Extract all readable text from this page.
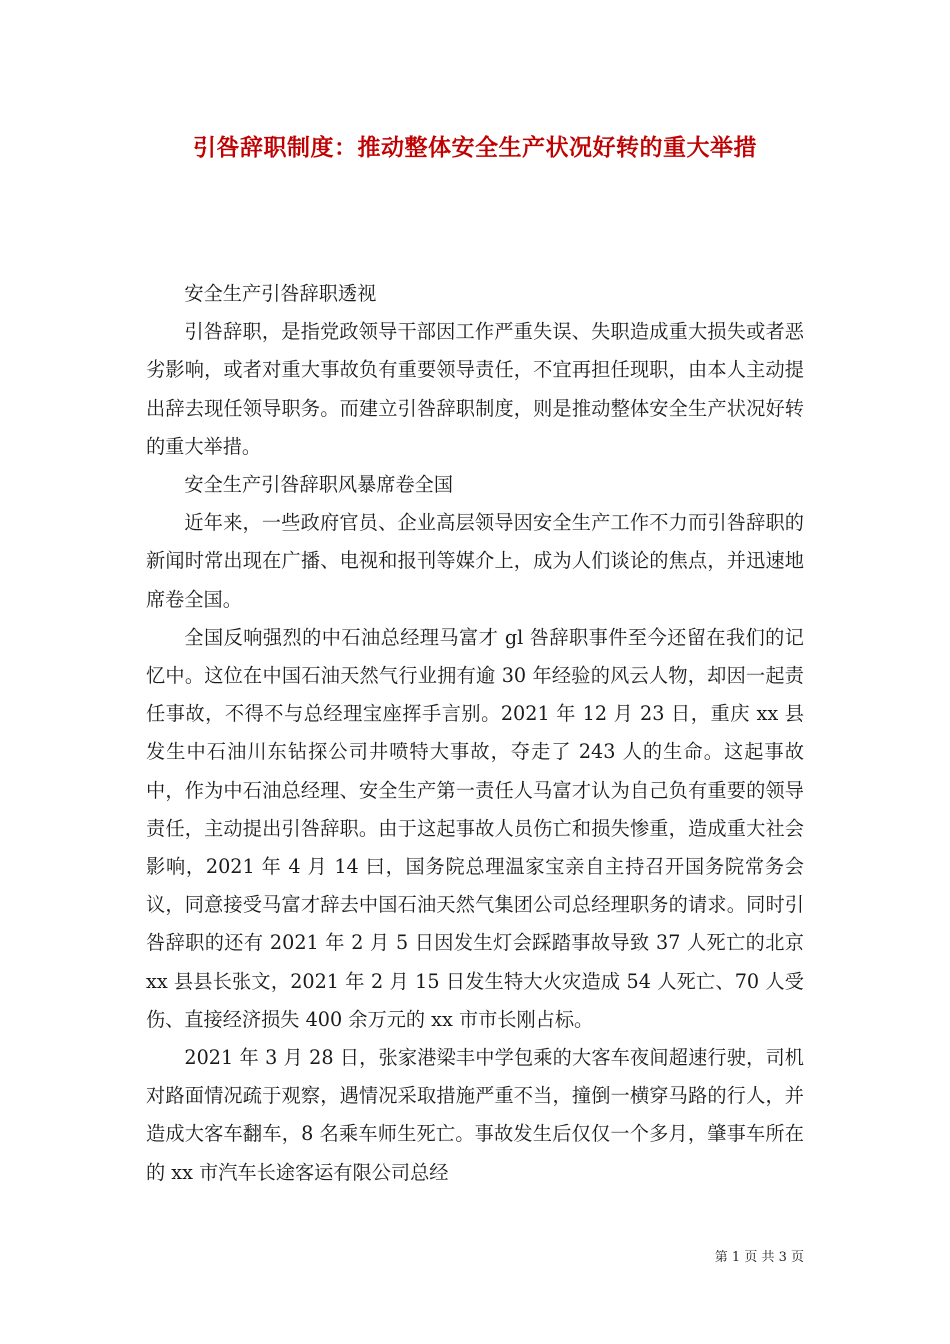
引咎辞职制度：推动整体安全生产状况好转的重大举措

安全生产引咎辞职透视

引咎辞职，是指党政领导干部因工作严重失误、失职造成重大损失或者恶劣影响，或者对重大事故负有重要领导责任，不宜再担任现职，由本人主动提出辞去现任领导职务。而建立引咎辞职制度，则是推动整体安全生产状况好转的重大举措。

安全生产引咎辞职风暴席卷全国

近年来，一些政府官员、企业高层领导因安全生产工作不力而引咎辞职的新闻时常出现在广播、电视和报刊等媒介上，成为人们谈论的焦点，并迅速地席卷全国。

全国反响强烈的中石油总经理马富才 gl 咎辞职事件至今还留在我们的记忆中。这位在中国石油天然气行业拥有逾 30 年经验的风云人物，却因一起责任事故，不得不与总经理宝座挥手言别。2021 年 12 月 23 日，重庆 xx 县发生中石油川东钻探公司井喷特大事故，夺走了 243 人的生命。这起事故中，作为中石油总经理、安全生产第一责任人马富才认为自己负有重要的领导责任，主动提出引咎辞职。由于这起事故人员伤亡和损失惨重，造成重大社会影响，2021 年 4 月 14 曰，国务院总理温家宝亲自主持召开国务院常务会议，同意接受马富才辞去中国石油天然气集团公司总经理职务的请求。同时引咎辞职的还有 2021 年 2 月 5 日因发生灯会踩踏事故导致 37 人死亡的北京 xx 县县长张文，2021 年 2 月 15 日发生特大火灾造成 54 人死亡、70 人受伤、直接经济损失 400 余万元的 xx 市市长刚占标。

2021 年 3 月 28 日，张家港梁丰中学包乘的大客车夜间超速行驶，司机对路面情况疏于观察，遇情况采取措施严重不当，撞倒一横穿马路的行人，并造成大客车翻车，8 名乘车师生死亡。事故发生后仅仅一个多月，肇事车所在的 xx 市汽车长途客运有限公司总经

第 1 页 共 3 页
